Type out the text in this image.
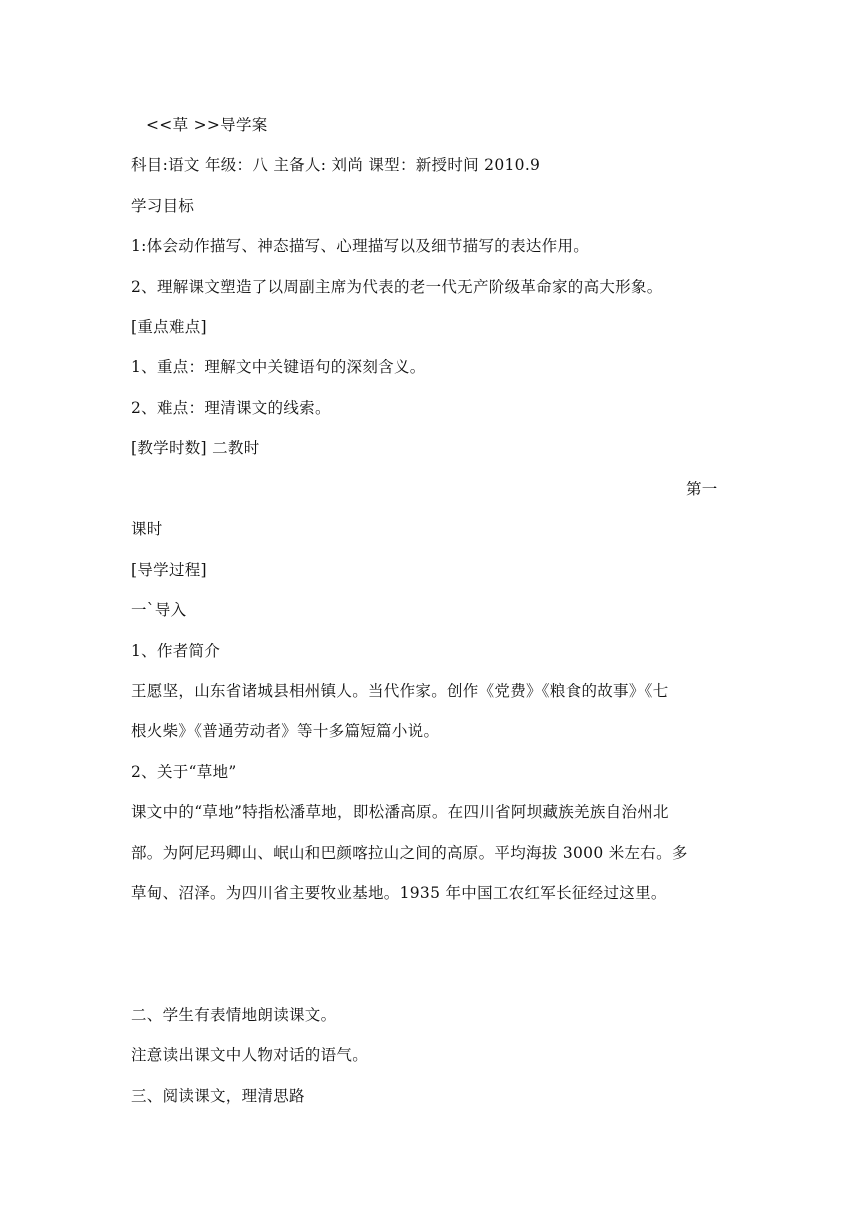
<<草 >>导学案
科目:语文 年级：八 主备人: 刘尚 课型：新授时间 2010.9
学习目标
1:体会动作描写、神态描写、心理描写以及细节描写的表达作用。
2、理解课文塑造了以周副主席为代表的老一代无产阶级革命家的高大形象。
[重点难点]
1、重点：理解文中关键语句的深刻含义。
2、难点：理清课文的线索。
[教学时数] 二教时
第一
课时
[导学过程]
一`导入
1、作者简介
王愿坚，山东省诸城县相州镇人。当代作家。创作《党费》《粮食的故事》《七
根火柴》《普通劳动者》等十多篇短篇小说。
2、关于“草地”
课文中的“草地”特指松潘草地，即松潘高原。在四川省阿坝藏族羌族自治州北
部。为阿尼玛卿山、岷山和巴颜喀拉山之间的高原。平均海拔 3000 米左右。多
草甸、沼泽。为四川省主要牧业基地。1935 年中国工农红军长征经过这里。
二、学生有表情地朗读课文。
注意读出课文中人物对话的语气。
三、阅读课文，理清思路
